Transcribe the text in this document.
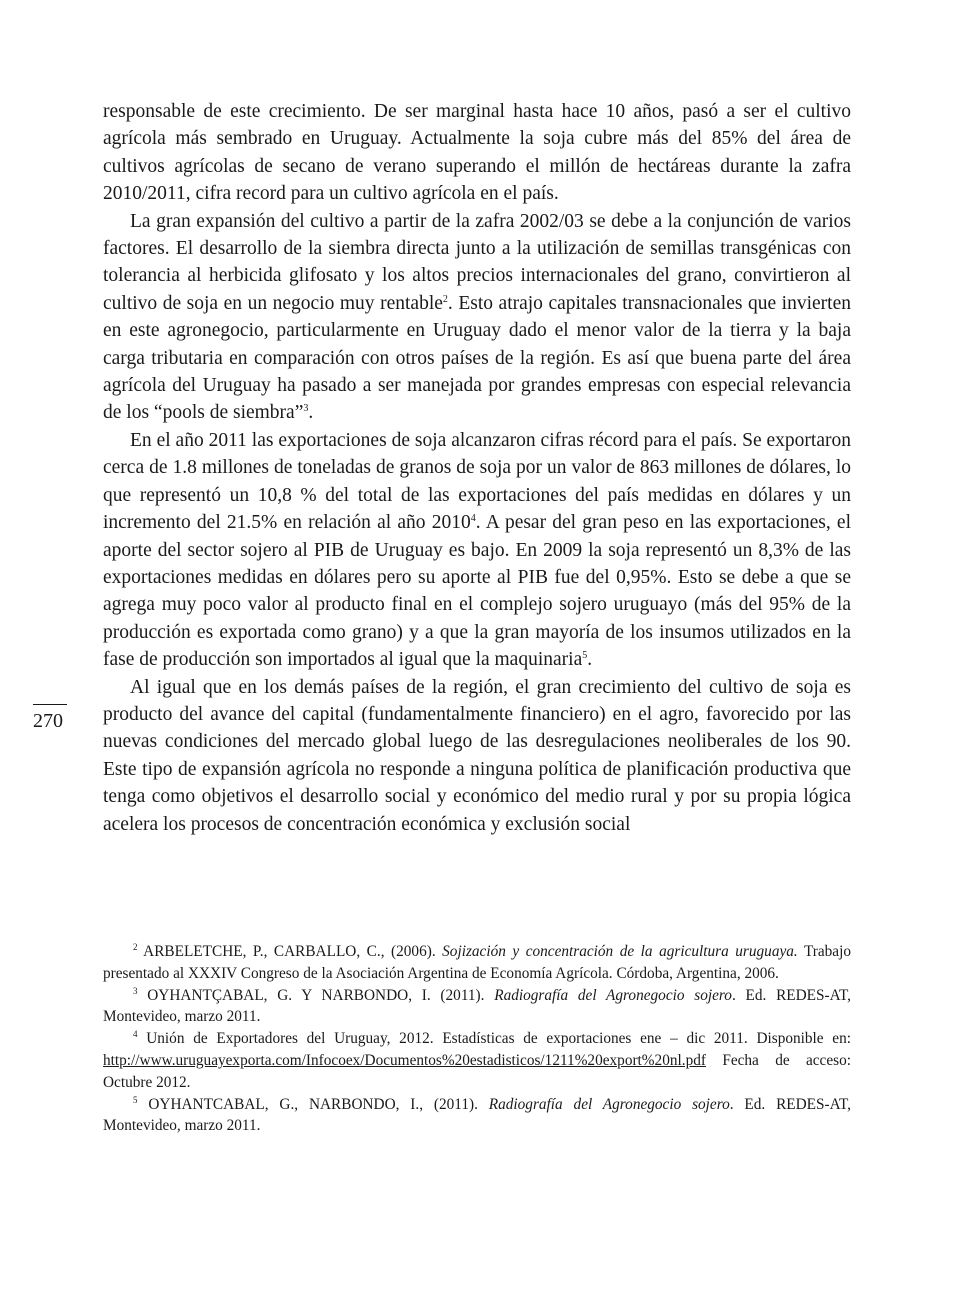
responsable de este crecimiento. De ser marginal hasta hace 10 años, pasó a ser el cultivo agrícola más sembrado en Uruguay. Actualmente la soja cubre más del 85% del área de cultivos agrícolas de secano de verano superando el millón de hectáreas durante la zafra 2010/2011, cifra record para un cultivo agrícola en el país.

La gran expansión del cultivo a partir de la zafra 2002/03 se debe a la conjunción de varios factores. El desarrollo de la siembra directa junto a la utilización de semillas transgénicas con tolerancia al herbicida glifosato y los altos precios internacionales del grano, convirtieron al cultivo de soja en un negocio muy rentable$^2$. Esto atrajo capitales transnacionales que invierten en este agronegocio, particularmente en Uruguay dado el menor valor de la tierra y la baja carga tributaria en comparación con otros países de la región. Es así que buena parte del área agrícola del Uruguay ha pasado a ser manejada por grandes empresas con especial relevancia de los “pools de siembra”$^3$.

En el año 2011 las exportaciones de soja alcanzaron cifras récord para el país. Se exportaron cerca de 1.8 millones de toneladas de granos de soja por un valor de 863 millones de dólares, lo que representó un 10,8 % del total de las exportaciones del país medidas en dólares y un incremento del 21.5% en relación al año 2010$^4$. A pesar del gran peso en las exportaciones, el aporte del sector sojero al PIB de Uruguay es bajo. En 2009 la soja representó un 8,3% de las exportaciones medidas en dólares pero su aporte al PIB fue del 0,95%. Esto se debe a que se agrega muy poco valor al producto final en el complejo sojero uruguayo (más del 95% de la producción es exportada como grano) y a que la gran mayoría de los insumos utilizados en la fase de producción son importados al igual que la maquinaria$^5$.

Al igual que en los demás países de la región, el gran crecimiento del cultivo de soja es producto del avance del capital (fundamentalmente financiero) en el agro, favorecido por las nuevas condiciones del mercado global luego de las desregulaciones neoliberales de los 90. Este tipo de expansión agrícola no responde a ninguna política de planificación productiva que tenga como objetivos el desarrollo social y económico del medio rural y por su propia lógica acelera los procesos de concentración económica y exclusión social

270

$^2$ ARBELETCHE, P., CARBALLO, C., (2006). Sojización y concentración de la agricultura uruguaya. Trabajo presentado al XXXIV Congreso de la Asociación Argentina de Economía Agrícola. Córdoba, Argentina, 2006.

$^3$ OYHANTÇABAL, G. Y NARBONDO, I. (2011). Radiografía del Agronegocio sojero. Ed. REDES-AT, Montevideo, marzo 2011.

$^4$ Unión de Exportadores del Uruguay, 2012. Estadísticas de exportaciones ene – dic 2011. Disponible en: http://www.uruguayexporta.com/Infocoex/Documentos%20estadisticos/1211%20export%20nl.pdf Fecha de acceso: Octubre 2012.

$^5$ OYHANTCABAL, G., NARBONDO, I., (2011). Radiografía del Agronegocio sojero. Ed. REDES-AT, Montevideo, marzo 2011.
